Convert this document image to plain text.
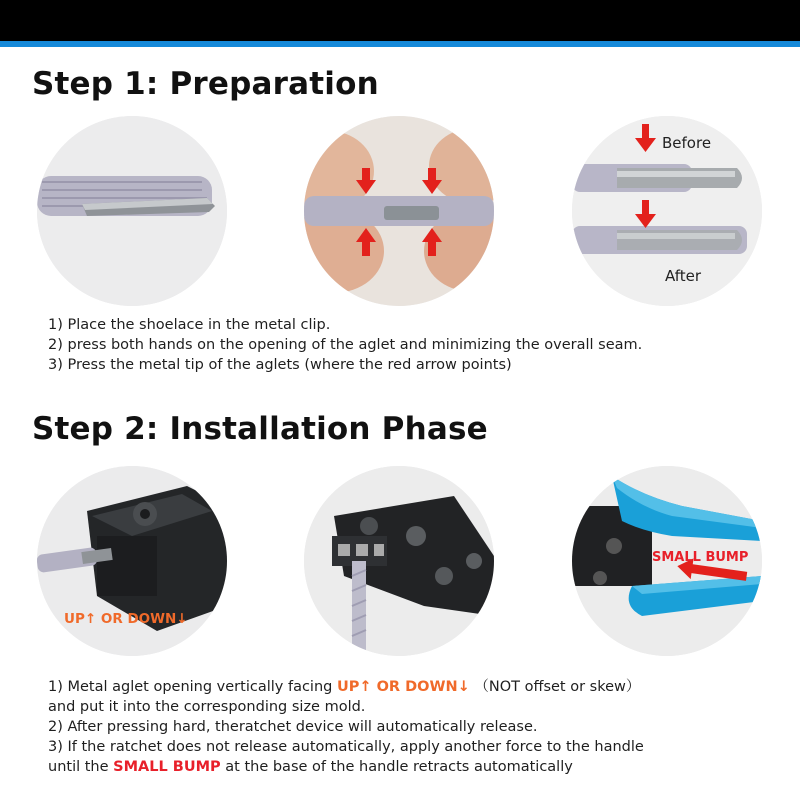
Step 1: Preparation
Before
After
1) Place the shoelace in the metal clip.
2) press both hands on the opening of the aglet and minimizing the overall seam.
3) Press the metal tip of the aglets (where the red arrow points)
Step 2: Installation Phase
UP↑ OR DOWN↓
SMALL BUMP
1) Metal aglet opening vertically facing UP↑ OR DOWN↓ （NOT offset or skew）
and put it into the corresponding size mold.
2) After pressing hard, theratchet device will automatically release.
3) If the ratchet does not release automatically, apply another force to the handle
until the SMALL BUMP at the base of the handle retracts automatically
